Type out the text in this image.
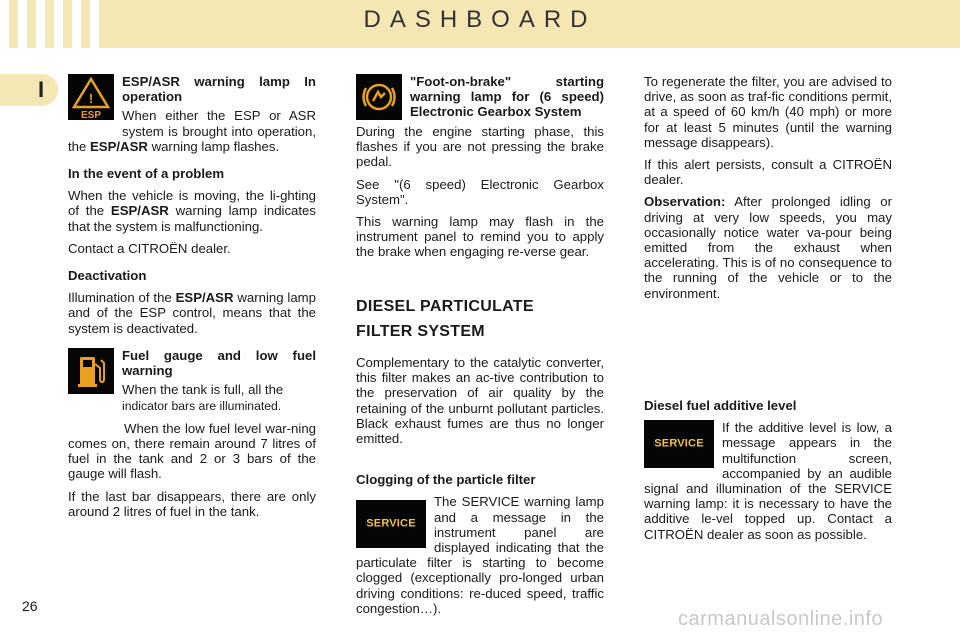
DASHBOARD
I	!
ESP

ESP/ASR warning lamp In operation

When either the ESP or ASR system is brought into operation, the ESP/ASR warning lamp flashes.

In the event of a problem

When the vehicle is moving, the li-ghting of the ESP/ASR warning lamp indicates that the system is malfunctioning.

Contact a CITROËN dealer.

Deactivation

Illumination of the ESP/ASR warning lamp and of the ESP control, means that the system is deactivated.

Fuel gauge and low fuel warning

When the tank is full, all the
indicator bars are illuminated.

When the low fuel level war-ning comes on, there remain around 7 litres of fuel in the tank and 2 or 3 bars of the gauge will flash.

If the last bar disappears, there are only around 2 litres of fuel in the tank.

"Foot-on-brake" starting warning lamp for (6 speed) Electronic Gearbox System

During the engine starting phase, this flashes if you are not pressing the brake pedal.

See "(6 speed) Electronic Gearbox System".

This warning lamp may flash in the instrument panel to remind you to apply the brake when engaging re-verse gear.

DIESEL PARTICULATE

FILTER SYSTEM

Complementary to the catalytic converter, this filter makes an ac-tive contribution to the preservation of air quality by the retaining of the unburnt pollutant particles. Black exhaust fumes are thus no longer emitted.

Clogging of the particle filter

SERVICE

The SERVICE warning lamp and a message in the instrument panel are displayed indicating that the particulate filter is starting to become clogged (exceptionally pro-longed urban driving conditions: re-duced speed, traffic congestion…).

To regenerate the filter, you are advised to drive, as soon as traf-fic conditions permit, at a speed of 60 km/h (40 mph) or more for at least 5 minutes (until the warning message disappears).

If this alert persists, consult a CITROËN dealer.

Observation: After prolonged idling or driving at very low speeds, you may occasionally notice water va-pour being emitted from the exhaust when accelerating. This is of no consequence to the running of the vehicle or to the environment.

Diesel fuel additive level

SERVICE

If the additive level is low, a message appears in the multifunction screen, accompanied by an audible signal and illumination of the SERVICE warning lamp: it is necessary to have the additive le-vel topped up. Contact a CITROËN dealer as soon as possible.

26
carmanualsonline.info
